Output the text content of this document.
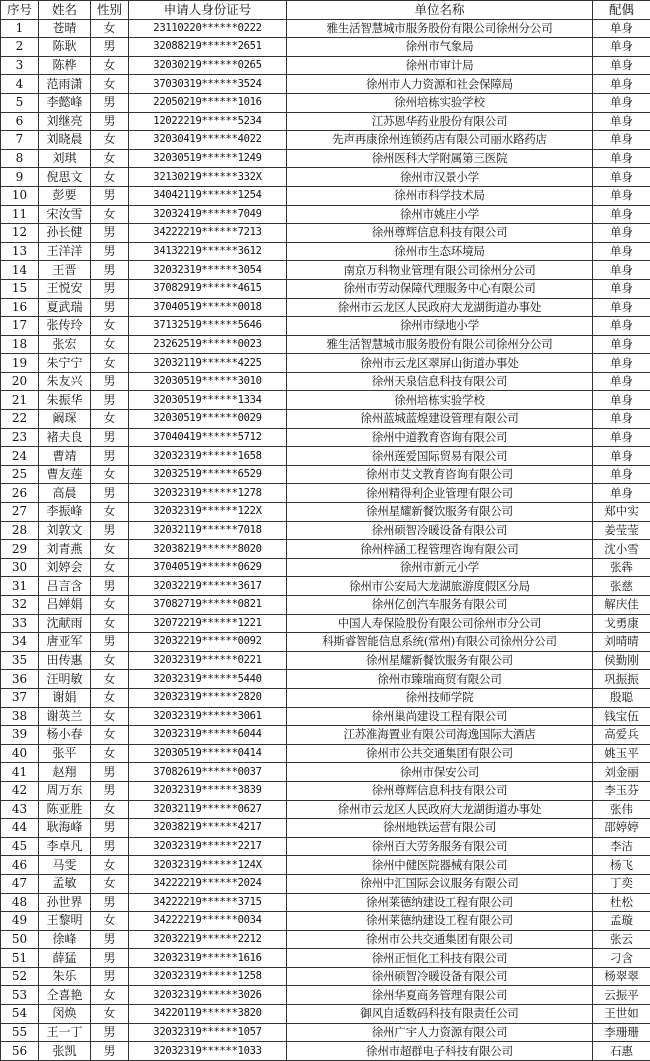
序号	姓名	性别	申请人身份证号	单位名称	配偶
1	苍晴	女	23110220******0222	雅生活智慧城市服务股份有限公司徐州分公司	单身
2	陈耿	男	32088219******2651	徐州市气象局	单身
3	陈桦	女	32030219******0265	徐州市审计局	单身
4	范雨潇	女	37030319******3524	徐州市人力资源和社会保障局	单身
5	李懿峰	男	22050219******1016	徐州培栋实验学校	单身
6	刘继亮	男	12022219******5234	江苏恩华药业股份有限公司	单身
7	刘晓晨	女	32030419******4022	先声再康徐州连锁药店有限公司丽水路药店	单身
8	刘琪	女	32030519******1249	徐州医科大学附属第三医院	单身
9	倪思文	女	32130219******332X	徐州市汉景小学	单身
10	彭要	男	34042119******1254	徐州市科学技术局	单身
11	宋汝雪	女	32032419******7049	徐州市姚庄小学	单身
12	孙长健	男	34222219******7213	徐州尊辉信息科技有限公司	单身
13	王洋洋	男	34132219******3612	徐州市生态环境局	单身
14	王晋	男	32032319******3054	南京万科物业管理有限公司徐州分公司	单身
15	王悦安	男	37082919******4615	徐州市劳动保障代理服务中心有限公司	单身
16	夏武瑞	男	37040519******0018	徐州市云龙区人民政府大龙湖街道办事处	单身
17	张传玲	女	37132519******5646	徐州市绿地小学	单身
18	张宏	女	23262519******0023	雅生活智慧城市服务股份有限公司徐州分公司	单身
19	朱宁宁	女	32032119******4225	徐州市云龙区翠屏山街道办事处	单身
20	朱友兴	男	32030519******3010	徐州天泉信息科技有限公司	单身
21	朱振华	男	32030519******1334	徐州培栋实验学校	单身
22	阚琛	女	32030519******0029	徐州蓝城蓝煌建设管理有限公司	单身
23	褚夫良	男	37040419******5712	徐州中道教育咨询有限公司	单身
24	曹靖	男	32032319******1658	徐州莲爱国际贸易有限公司	单身
25	曹友莲	女	32032519******6529	徐州市艾文教育咨询有限公司	单身
26	高晨	男	32032319******1278	徐州精得利企业管理有限公司	单身
27	李振峰	女	32032319******122X	徐州星耀新餐饮服务有限公司	郑中实
28	刘敦文	男	32032119******7018	徐州硕智冷暖设备有限公司	姜莹莹
29	刘青燕	女	32038219******8020	徐州梓涵工程管理咨询有限公司	沈小雪
30	刘婷会	女	37040519******0629	徐州市新元小学	张犇
31	吕言含	男	32032219******3617	徐州市公安局大龙湖旅游度假区分局	张慈
32	吕婵娟	女	37082719******0821	徐州亿创汽车服务有限公司	解庆佳
33	沈献雨	女	32072219******1221	中国人寿保险股份有限公司徐州市分公司	戈勇康
34	唐亚军	男	32032219******0092	科斯睿智能信息系统(常州)有限公司徐州分公司	刘晴晴
35	田传惠	女	32032319******0221	徐州星耀新餐饮服务有限公司	侯勤刚
36	汪明敏	女	32032319******5440	徐州市臻瑞商贸有限公司	巩振振
37	谢娟	女	32032319******2820	徐州技师学院	殷聪
38	谢英兰	女	32032319******3061	徐州巢尚建设工程有限公司	钱宝伍
39	杨小春	女	32032319******6044	江苏淮海置业有限公司海逸国际大酒店	高爱兵
40	张平	女	32030519******0414	徐州市公共交通集团有限公司	姚玉平
41	赵翔	男	37082619******0037	徐州市保安公司	刘金丽
42	周万东	男	32032319******3839	徐州尊辉信息科技有限公司	李玉芬
43	陈亚胜	女	32032119******0627	徐州市云龙区人民政府大龙湖街道办事处	张伟
44	耿海峰	男	32038219******4217	徐州地铁运营有限公司	邵婷婷
45	李卓凡	男	32032319******2217	徐州百大劳务服务有限公司	李洁
46	马雯	女	32032319******124X	徐州中健医院器械有限公司	杨飞
47	孟敏	女	34222219******2024	徐州中汇国际会议服务有限公司	丁奕
48	孙世界	男	34222219******3715	徐州莱德纳建设工程有限公司	杜松
49	王黎明	女	34222219******0034	徐州莱德纳建设工程有限公司	孟璇
50	徐峰	男	32032219******2212	徐州市公共交通集团有限公司	张云
51	薛猛	男	32032319******1616	徐州正恒化工科技有限公司	刁含
52	朱乐	男	32032319******1258	徐州硕智冷暖设备有限公司	杨翠翠
53	仝喜艳	女	32032319******3026	徐州华夏商务管理有限公司	云振平
54	闵焕	女	34220119******3820	御风自适数码科技有限责任公司	王世如
55	王一丁	男	32032319******1057	徐州广宇人力资源有限公司	李珊珊
56	张凯	男	32032319******1033	徐州市超群电子科技有限公司	石惠
